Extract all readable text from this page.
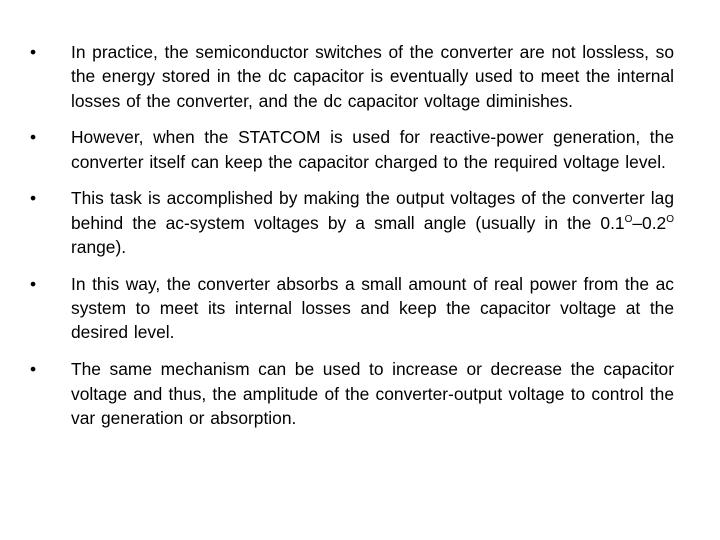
• In practice, the semiconductor switches of the converter are not lossless, so the energy stored in the dc capacitor is eventually used to meet the internal losses of the converter, and the dc capacitor voltage diminishes.
• However, when the STATCOM is used for reactive-power generation, the converter itself can keep the capacitor charged to the required voltage level.
• This task is accomplished by making the output voltages of the converter lag behind the ac-system voltages by a small angle (usually in the $0.1^O-0.2^O$ range).
• In this way, the converter absorbs a small amount of real power from the ac system to meet its internal losses and keep the capacitor voltage at the desired level.
• The same mechanism can be used to increase or decrease the capacitor voltage and thus, the amplitude of the converter-output voltage to control the var generation or absorption.
